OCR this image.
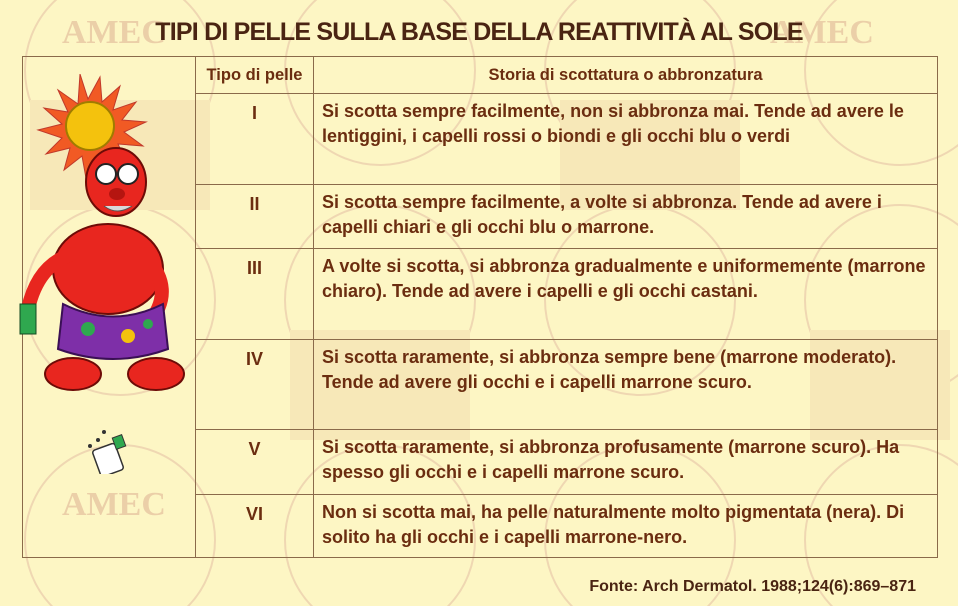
AMEC	AMEC
AMEC
TIPI DI PELLE SULLA BASE DELLA REATTIVITÀ AL SOLE
Tipo di pelle	Storia di scottatura o abbronzatura
I	Si scotta sempre facilmente, non si abbronza mai. Tende ad avere le lentiggini, i capelli rossi o biondi e gli occhi blu o verdi
II	Si scotta sempre facilmente, a volte si abbronza. Tende ad avere i capelli chiari e gli occhi blu o marrone.
III	A volte si scotta, si abbronza gradualmente e uniformemente (marrone chiaro). Tende ad avere i capelli e gli occhi castani.
IV	Si scotta raramente, si abbronza sempre bene (marrone moderato). Tende ad avere gli occhi e i capelli marrone scuro.
V	Si scotta raramente, si abbronza profusamente (marrone scuro). Ha spesso gli occhi e i capelli marrone scuro.
VI	Non si scotta mai, ha pelle naturalmente molto pigmentata (nera). Di solito ha gli occhi e i capelli marrone-nero.
Fonte: Arch Dermatol. 1988;124(6):869–871
